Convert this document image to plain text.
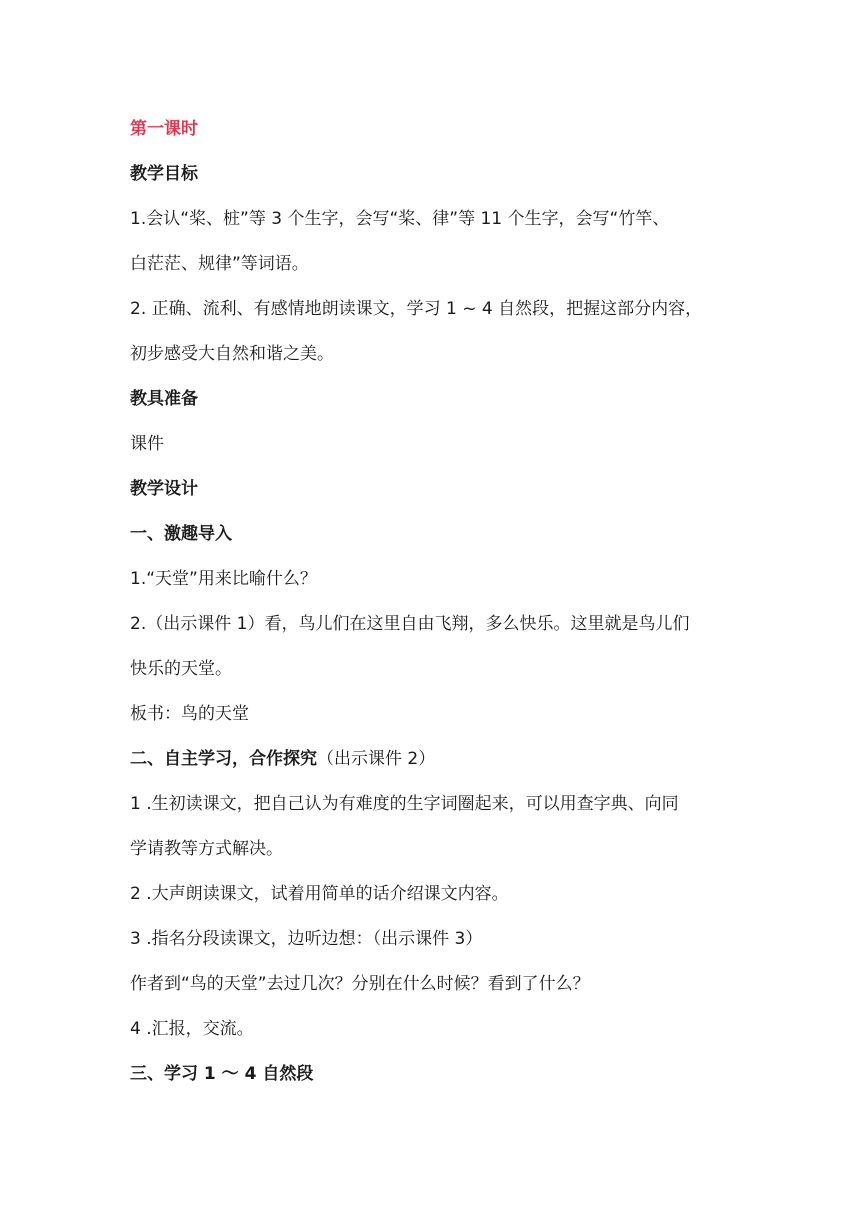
第一课时
教学目标
1.会认“桨、桩”等 3 个生字，会写“桨、律”等 11 个生字，会写“竹竿、
白茫茫、规律”等词语。
2. 正确、流利、有感情地朗读课文，学习 1 ~ 4 自然段，把握这部分内容，
初步感受大自然和谐之美。
教具准备
课件
教学设计
一、激趣导入
1.“天堂”用来比喻什么？
2.（出示课件 1）看，鸟儿们在这里自由飞翔，多么快乐。这里就是鸟儿们
快乐的天堂。
板书：鸟的天堂
二、自主学习，合作探究（出示课件 2）
1 .生初读课文，把自己认为有难度的生字词圈起来，可以用查字典、向同
学请教等方式解决。
2 .大声朗读课文，试着用简单的话介绍课文内容。
3 .指名分段读课文，边听边想：（出示课件 3）
作者到“鸟的天堂”去过几次？分别在什么时候？看到了什么？
4 .汇报，交流。
三、学习 1 ～ 4 自然段
